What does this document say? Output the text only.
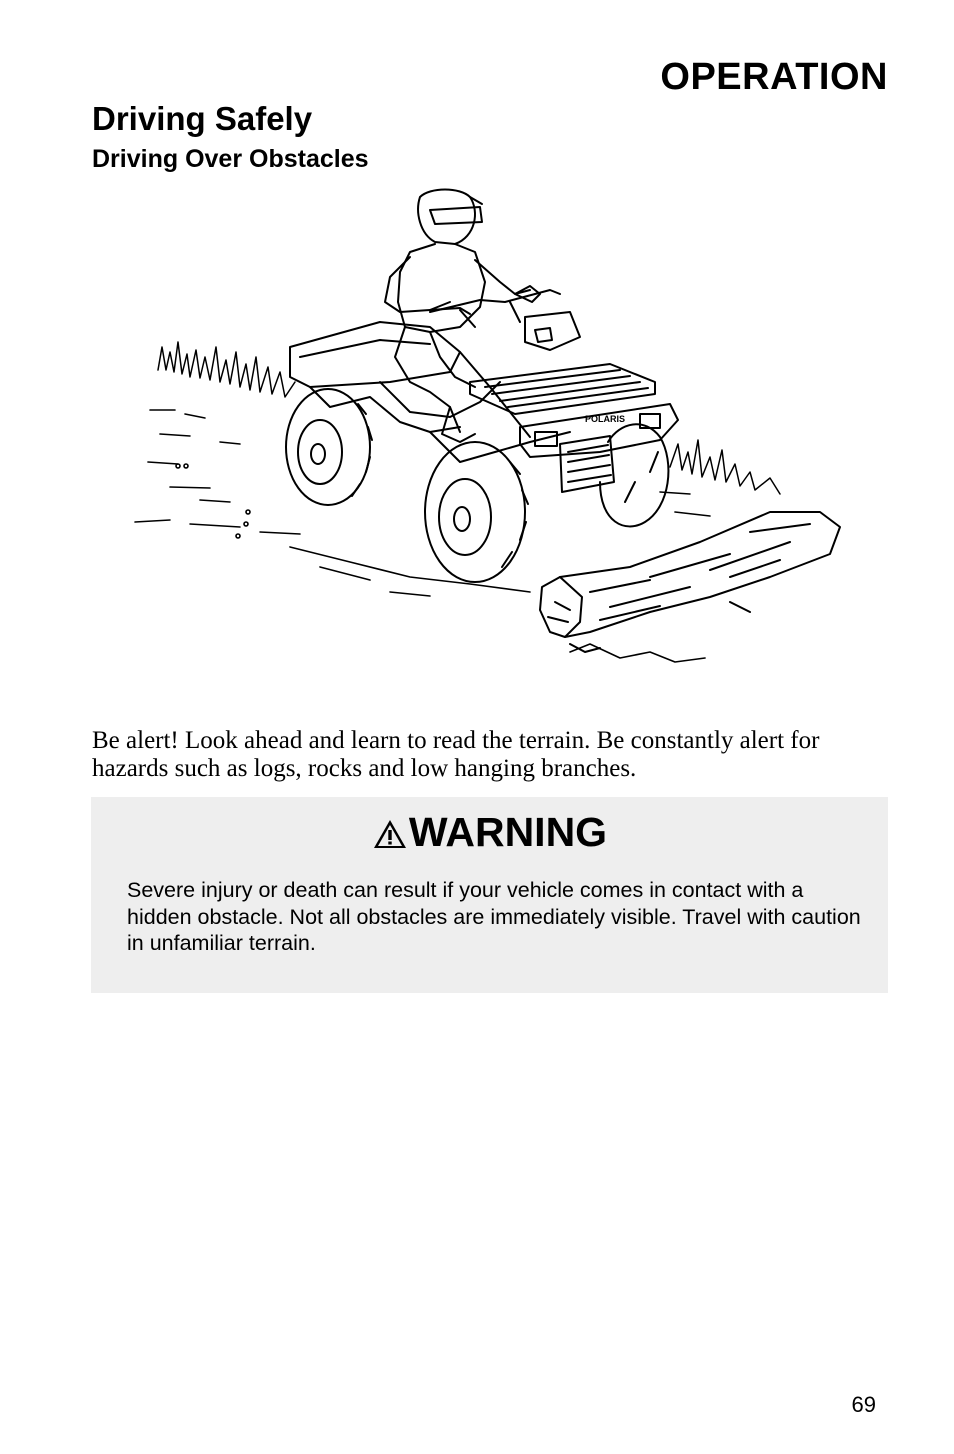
OPERATION
Driving Safely
Driving Over Obstacles
POLARIS

Be alert! Look ahead and learn to read the terrain. Be constantly alert for hazards such as logs, rocks and low hanging branches.

WARNING

Severe injury or death can result if your vehicle comes in contact with a hidden obstacle. Not all obstacles are immediately visible. Travel with caution in unfamiliar terrain.

69
